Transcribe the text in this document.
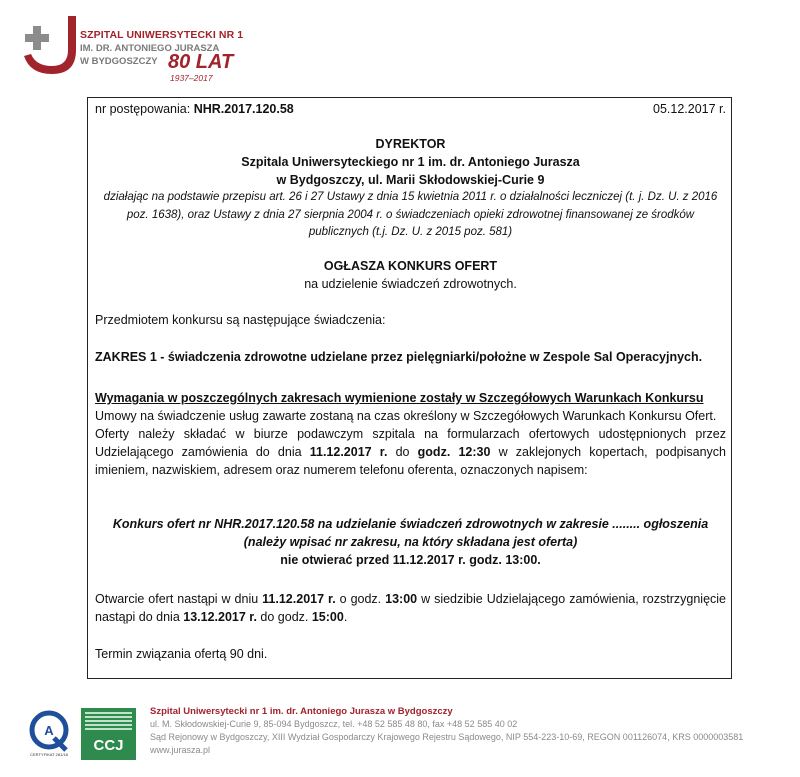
SZPITAL UNIWERSYTECKI NR 1
IM. DR. ANTONIEGO JURASZA
W BYDGOSZCZY 80 LAT
1937–2017
nr postępowania: NHR.2017.120.58	05.12.2017 r.
DYREKTOR
Szpitala Uniwersyteckiego nr 1 im. dr. Antoniego Jurasza
w Bydgoszczy, ul. Marii Skłodowskiej-Curie 9
działając na podstawie przepisu art. 26 i 27 Ustawy z dnia 15 kwietnia 2011 r. o działalności leczniczej (t. j. Dz. U. z 2016 poz. 1638), oraz Ustawy z dnia 27 sierpnia 2004 r. o świadczeniach opieki zdrowotnej finansowanej ze środków publicznych (t.j. Dz. U. z 2015 poz. 581)
OGŁASZA KONKURS OFERT
na udzielenie świadczeń zdrowotnych.
Przedmiotem konkursu są następujące świadczenia:
ZAKRES 1 - świadczenia zdrowotne udzielane przez pielęgniarki/położne w Zespole Sal Operacyjnych.
Wymagania w poszczególnych zakresach wymienione zostały w Szczegółowych Warunkach Konkursu
Umowy na świadczenie usług zawarte zostaną na czas określony w Szczegółowych Warunkach Konkursu Ofert.
Oferty należy składać w biurze podawczym szpitala na formularzach ofertowych udostępnionych przez Udzielającego zamówienia do dnia 11.12.2017 r. do godz. 12:30 w zaklejonych kopertach, podpisanych imieniem, nazwiskiem, adresem oraz numerem telefonu oferenta, oznaczonych napisem:
Konkurs ofert nr NHR.2017.120.58 na udzielanie świadczeń zdrowotnych w zakresie ........ ogłoszenia
(należy wpisać nr zakresu, na który składana jest oferta)
nie otwierać przed 11.12.2017 r. godz. 13:00.
Otwarcie ofert nastąpi w dniu 11.12.2017 r. o godz. 13:00 w siedzibie Udzielającego zamówienia, rozstrzygnięcie nastąpi do dnia 13.12.2017 r. do godz. 15:00.
Termin związania ofertą 90 dni.
A
CERTYFIKAT 281/18
CCJ
Szpital Uniwersytecki nr 1 im. dr. Antoniego Jurasza w Bydgoszczy
ul. M. Skłodowskiej-Curie 9, 85-094 Bydgoszcz, tel. +48 52 585 48 80, fax +48 52 585 40 02
Sąd Rejonowy w Bydgoszczy, XIII Wydział Gospodarczy Krajowego Rejestru Sądowego, NIP 554-223-10-69, REGON 001126074, KRS 0000003581
www.jurasza.pl
